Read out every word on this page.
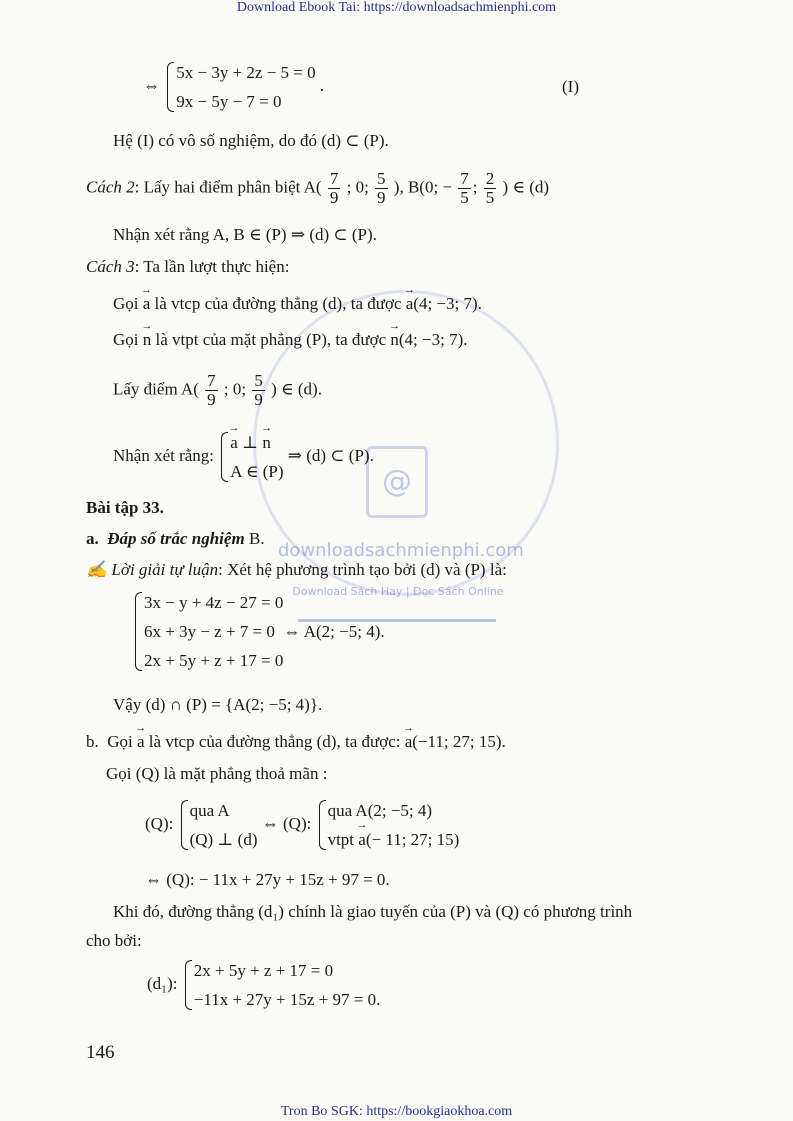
Download Ebook Tai: https://downloadsachmienphi.com
@
downloadsachmienphi.com
Download Sách Hay | Đọc Sách Online
⇔
5x − 3y + 2z − 5 = 0
9x − 5y − 7 = 0
.	(I)
Hệ (I) có vô số nghiệm, do đó (d) ⊂ (P).
Cách 2: Lấy hai điểm phân biệt $A( \frac{7}{9}$ ; 0; $\frac{5}{9}$ ), B(0; − $\frac{7}{5}$ ; $\frac{2}{5}$ ) ∈ (d)
Nhận xét rằng A, B ∈ (P) ⇒ (d) ⊂ (P).
Cách 3: Ta lần lượt thực hiện:
Gọi → a là vtcp của đường thẳng (d), ta được → a(4; −3; 7).
Gọi → n là vtpt của mặt phẳng (P), ta được → n(4; −3; 7).
Lấy điểm $A( \frac{7}{9}$ ; 0; $\frac{5}{9}$ ) ∈ (d).
Nhận xét rằng:
→ a ⊥ → n
A ∈ (P)
⇒ (d) ⊂ (P).
Bài tập 33.
a. Đáp số trắc nghiệm B.
✍ Lời giải tự luận: Xét hệ phương trình tạo bởi (d) và (P) là:
3x − y + 4z − 27 = 0
6x + 3y − z + 7 = 0 ⇔ A(2; −5; 4).
2x + 5y + z + 17 = 0
Vậy (d) ∩ (P) = {A(2; −5; 4)}.
b. Gọi → a là vtcp của đường thẳng (d), ta được: → a(−11; 27; 15).
Gọi (Q) là mặt phẳng thoả mãn :
(Q):
qua A
(Q) ⊥ (d)
⇔ (Q):
qua A(2; −5; 4)
vtpt → a(− 11; 27; 15)
⇔ (Q): − 11x + 27y + 15z + 97 = 0.
Khi đó, đường thẳng (d₁) chính là giao tuyến của (P) và (Q) có phương trình
cho bởi:
(d₁):
2x + 5y + z + 17 = 0
−11x + 27y + 15z + 97 = 0.
146
Tron Bo SGK: https://bookgiaokhoa.com
